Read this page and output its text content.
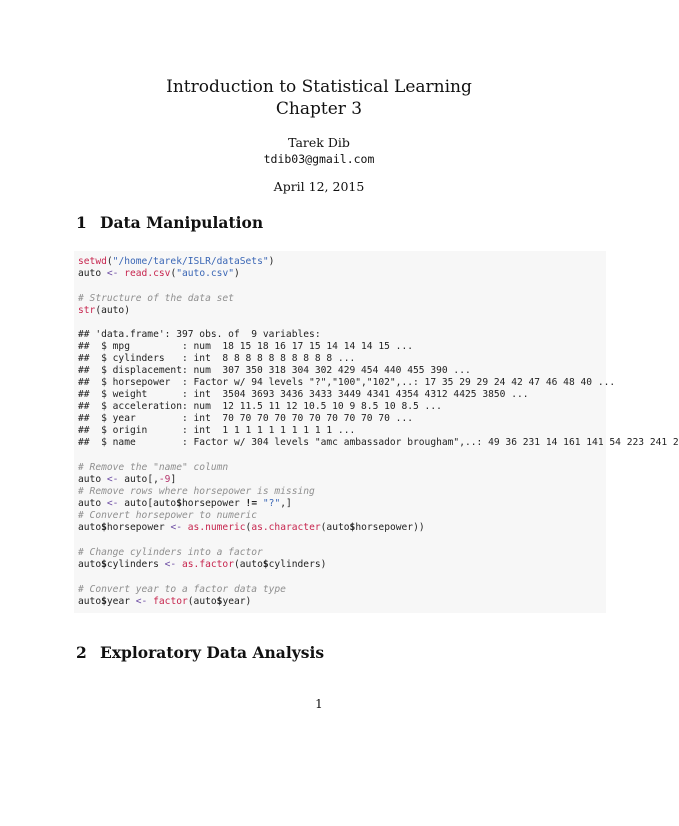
Introduction to Statistical Learning
Chapter 3
Tarek Dib
tdib03@gmail.com
April 12, 2015
1 Data Manipulation
setwd("/home/tarek/ISLR/dataSets")
auto <- read.csv("auto.csv")
# Structure of the data set
str(auto)
## 'data.frame': 397 obs. of  9 variables:
##  $ mpg         : num  18 15 18 16 17 15 14 14 14 15 ...
##  $ cylinders   : int  8 8 8 8 8 8 8 8 8 8 ...
##  $ displacement: num  307 350 318 304 302 429 454 440 455 390 ...
##  $ horsepower  : Factor w/ 94 levels "?","100","102",..: 17 35 29 29 24 42 47 46 48 40 ...
##  $ weight      : int  3504 3693 3436 3433 3449 4341 4354 4312 4425 3850 ...
##  $ acceleration: num  12 11.5 11 12 10.5 10 9 8.5 10 8.5 ...
##  $ year        : int  70 70 70 70 70 70 70 70 70 70 ...
##  $ origin      : int  1 1 1 1 1 1 1 1 1 1 ...
##  $ name        : Factor w/ 304 levels "amc ambassador brougham",..: 49 36 231 14 161 141 54 223 241 2
# Remove the "name" column
auto <- auto[,-9]
# Remove rows where horsepower is missing
auto <- auto[auto$horsepower != "?",]
# Convert horsepower to numeric
auto$horsepower <- as.numeric(as.character(auto$horsepower))
# Change cylinders into a factor
auto$cylinders <- as.factor(auto$cylinders)
# Convert year to a factor data type
auto$year <- factor(auto$year)
2 Exploratory Data Analysis
1
